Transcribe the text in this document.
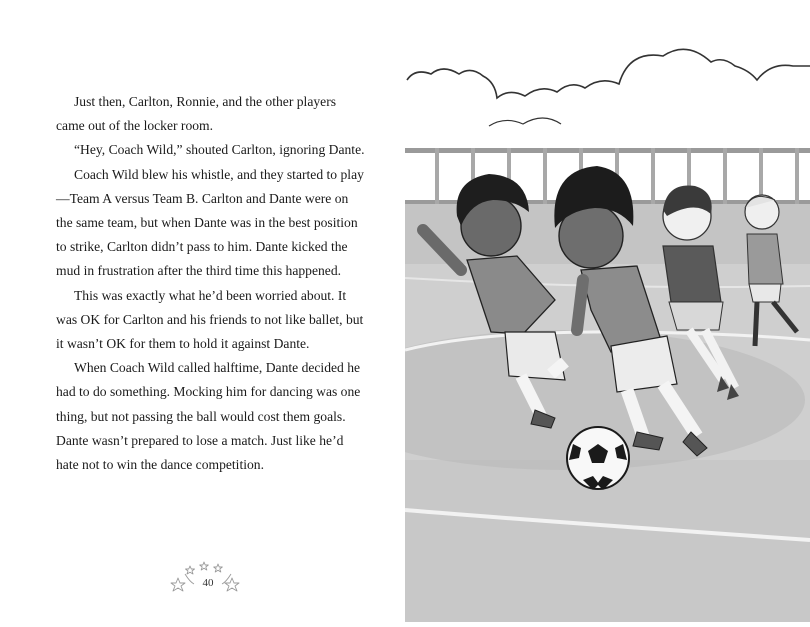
Just then, Carlton, Ronnie, and the other players came out of the locker room.

“Hey, Coach Wild,” shouted Carlton, ignoring Dante.

Coach Wild blew his whistle, and they started to play—Team A versus Team B. Carlton and Dante were on the same team, but when Dante was in the best position to strike, Carlton didn’t pass to him. Dante kicked the mud in frustration after the third time this happened.

This was exactly what he’d been worried about. It was OK for Carlton and his friends to not like ballet, but it wasn’t OK for them to hold it against Dante.

When Coach Wild called halftime, Dante decided he had to do something. Mocking him for dancing was one thing, but not passing the ball would cost them goals. Dante wasn’t prepared to lose a match. Just like he’d hate not to win the dance competition.

40
